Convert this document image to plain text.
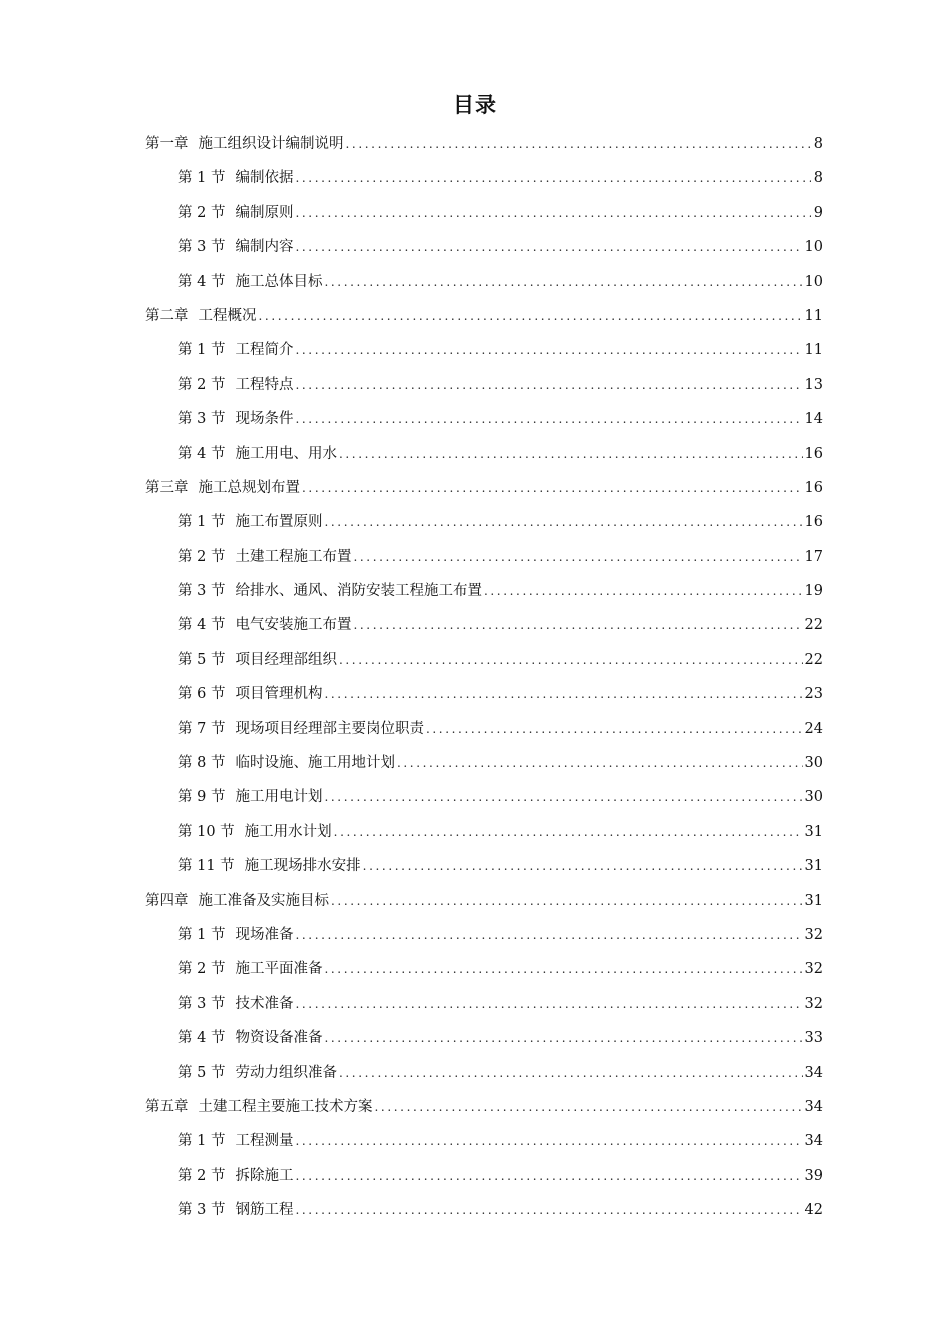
目录
第一章 施工组织设计编制说明 .....	8
第 1 节 编制依据 .....	8
第 2 节 编制原则 .....	9
第 3 节 编制内容 .....	10
第 4 节 施工总体目标 .....	10
第二章 工程概况 .....	11
第 1 节 工程简介 .....	11
第 2 节 工程特点 .....	13
第 3 节 现场条件 .....	14
第 4 节 施工用电、用水 .....	16
第三章 施工总规划布置 .....	16
第 1 节 施工布置原则 .....	16
第 2 节 土建工程施工布置 .....	17
第 3 节 给排水、通风、消防安装工程施工布置 .....	19
第 4 节 电气安装施工布置 .....	22
第 5 节 项目经理部组织 .....	22
第 6 节 项目管理机构 .....	23
第 7 节 现场项目经理部主要岗位职责 .....	24
第 8 节 临时设施、施工用地计划 .....	30
第 9 节 施工用电计划 .....	30
第 10 节 施工用水计划 .....	31
第 11 节 施工现场排水安排 .....	31
第四章 施工准备及实施目标 .....	31
第 1 节 现场准备 .....	32
第 2 节 施工平面准备 .....	32
第 3 节 技术准备 .....	32
第 4 节 物资设备准备 .....	33
第 5 节 劳动力组织准备 .....	34
第五章 土建工程主要施工技术方案 .....	34
第 1 节 工程测量 .....	34
第 2 节 拆除施工 .....	39
第 3 节 钢筋工程 .....	42
